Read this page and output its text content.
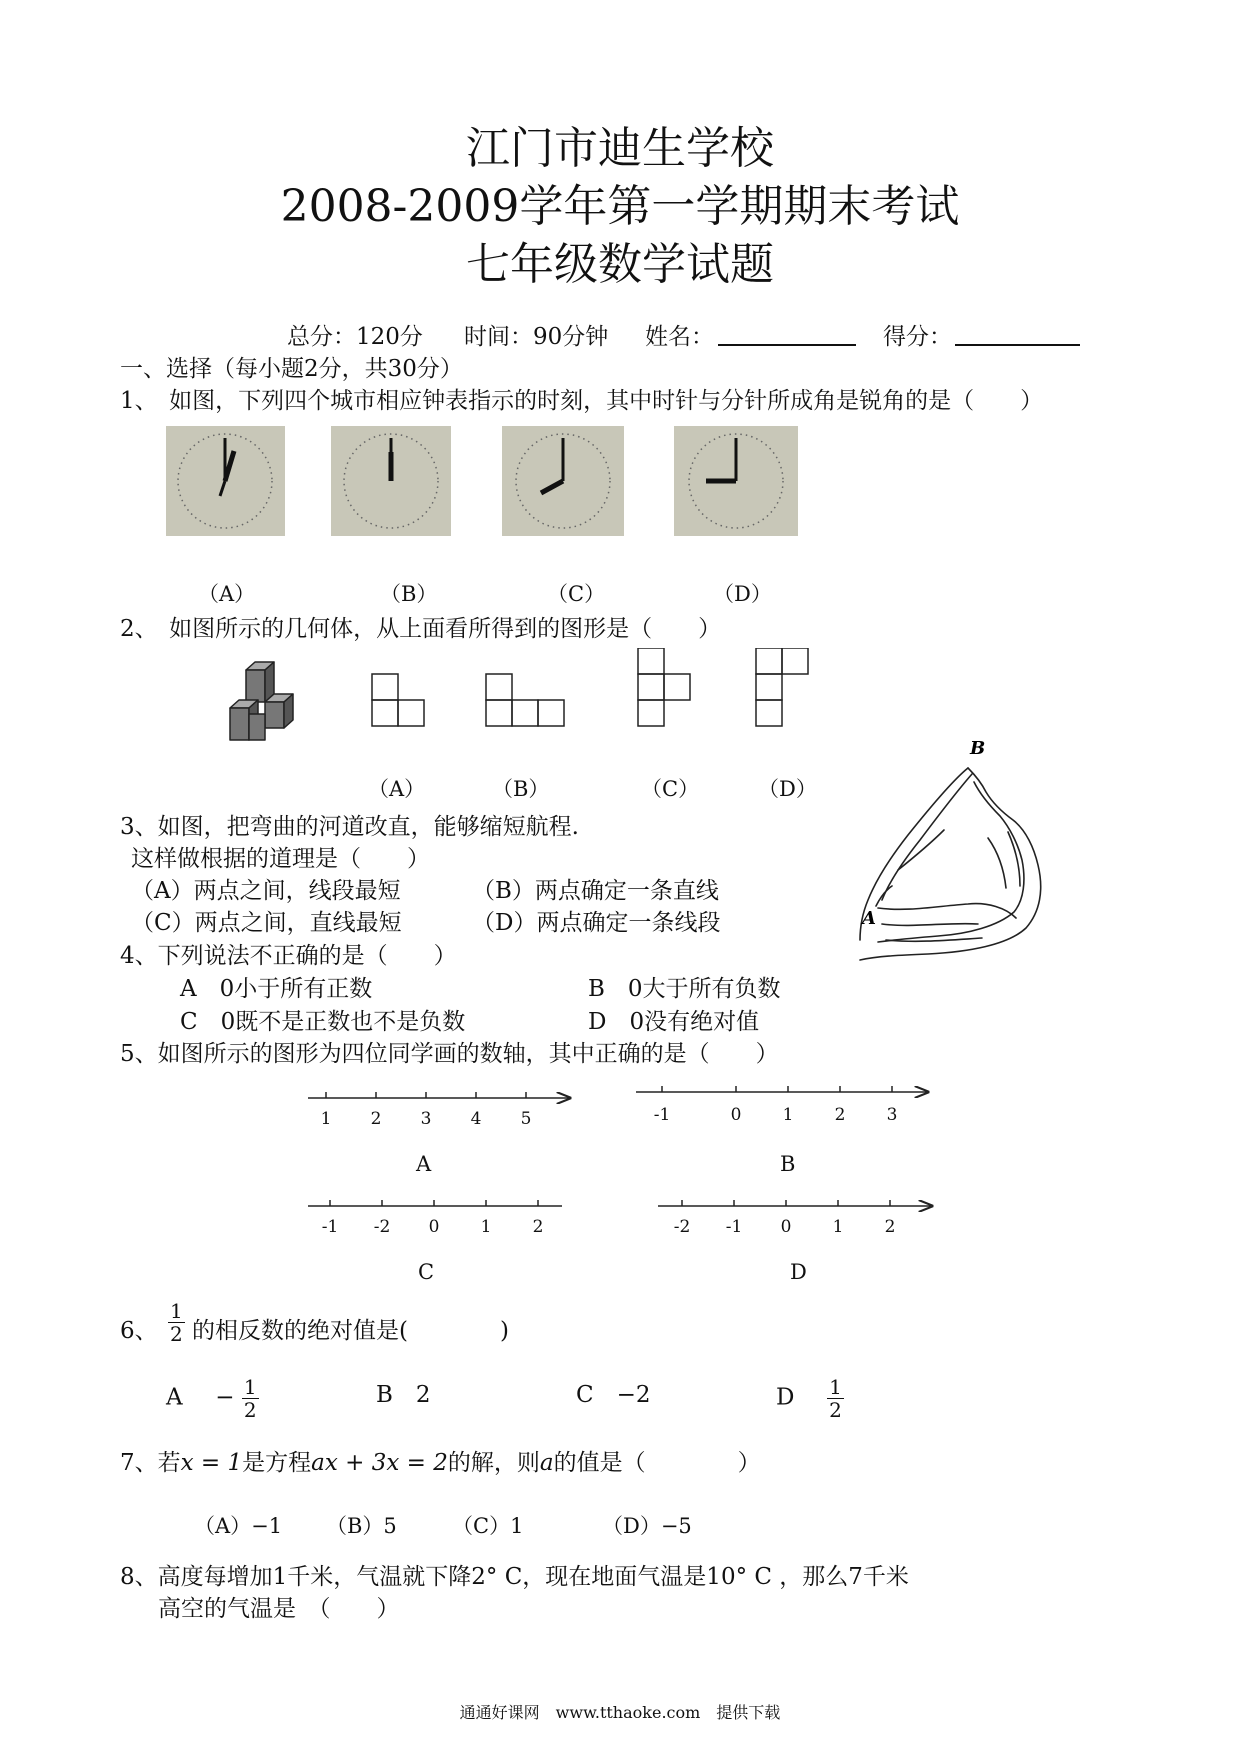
江门市迪生学校
2008-2009学年第一学期期末考试
七年级数学试题
总分：120分 时间：90分钟 姓名：	得分：
一、选择（每小题2分，共30分）
1、　如图，下列四个城市相应钟表指示的时刻，其中时针与分针所成角是锐角的是（　　）
（A）	（B）	（C）	（D）
2、　如图所示的几何体，从上面看所得到的图形是（　　）
（A）	（B）	（C）	（D）
3、如图，把弯曲的河道改直，能够缩短航程.
这样做根据的道理是（　　）
（A）两点之间，线段最短	（B）两点确定一条直线
（C）两点之间，直线最短	（D）两点确定一条线段
B
A
4、下列说法不正确的是（　　）
A　0小于所有正数	B　0大于所有负数
C　0既不是正数也不是负数	D　0没有绝对值
5、如图所示的图形为四位同学画的数轴，其中正确的是（　　）
1 2 3 4 5	-1	0 1 2 3
-1 -2 0 1 2	-2 -1 0 1 2
A	B
C	D
6、 $\frac{1}{2}$ 的相反数的绝对值是(　　　　)
$A - \frac{1}{2}$	B　2	C　−2	D $\frac{1}{2}$
7、若x = 1是方程ax + 3x = 2的解，则a的值是（　　　　）
（A）−1 （B）5	（C）1	（D）−5
8、高度每增加1千米，气温就下降2° C，现在地面气温是10° C ，那么7千米
高空的气温是　（　　）
通通好课网　www.tthaoke.com　提供下载
